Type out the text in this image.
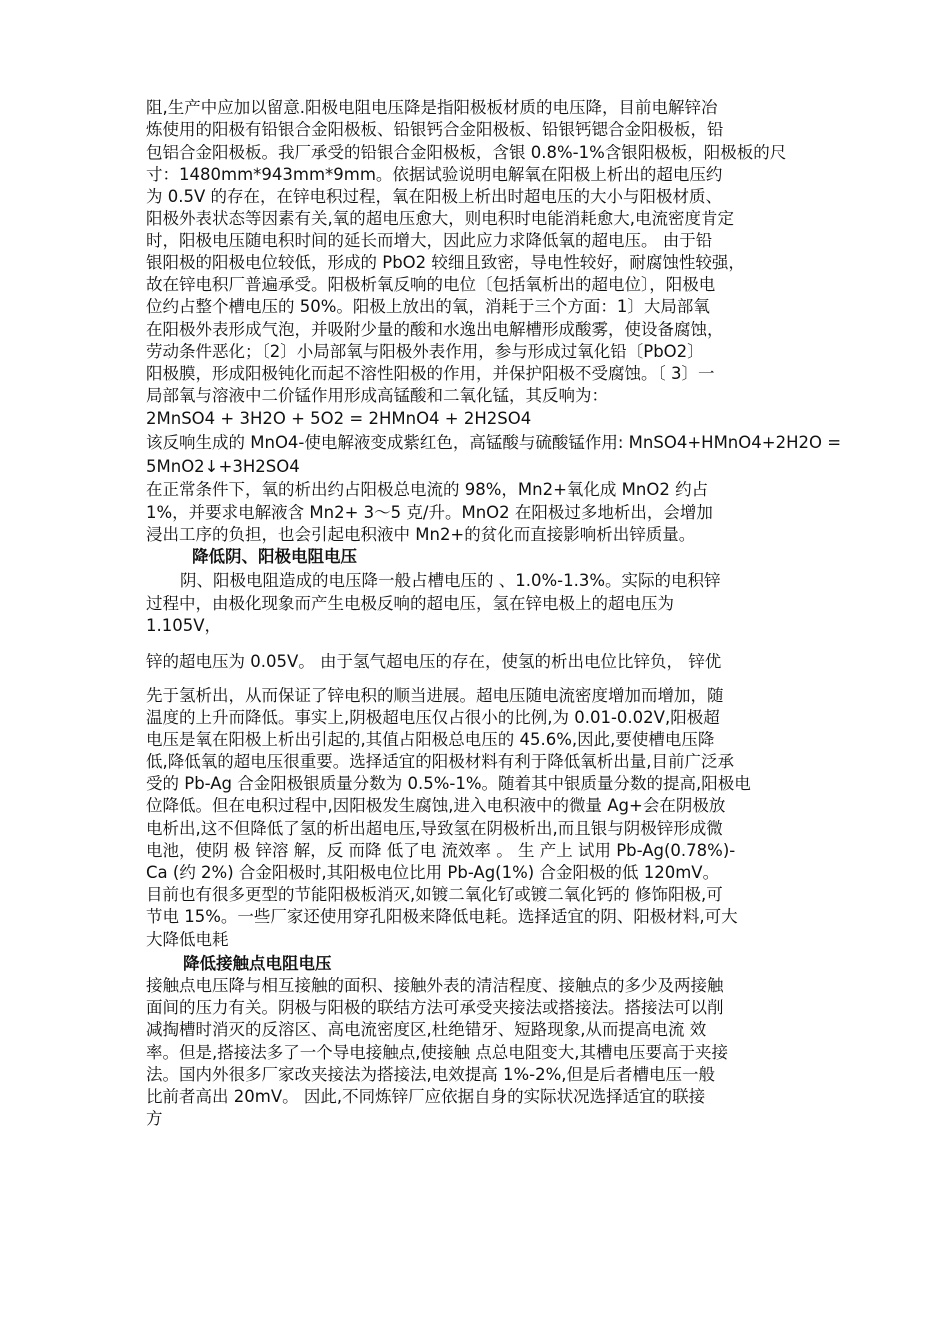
阻,生产中应加以留意.阳极电阻电压降是指阳极板材质的电压降，目前电解锌冶

炼使用的阳极有铅银合金阳极板、铅银钙合金阳极板、铅银钙锶合金阳极板，铅

包铝合金阳极板。我厂承受的铅银合金阳极板，含银 0.8%-1%含银阳极板，阳极板的尺

寸：1480mm*943mm*9mm。依据试验说明电解氧在阳极上析出的超电压约

为 0.5V 的存在，在锌电积过程，氧在阳极上析出时超电压的大小与阳极材质、

阳极外表状态等因素有关,氧的超电压愈大，则电积时电能消耗愈大,电流密度肯定

时，阳极电压随电积时间的延长而增大，因此应力求降低氧的超电压。 由于铅

银阳极的阳极电位较低，形成的 PbO2 较细且致密，导电性较好，耐腐蚀性较强，

故在锌电积厂普遍承受。阳极析氧反响的电位〔包括氧析出的超电位〕，阳极电

位约占整个槽电压的 50%。阳极上放出的氧，消耗于三个方面：1〕大局部氧

在阳极外表形成气泡，并吸附少量的酸和水逸出电解槽形成酸雾，使设备腐蚀，

劳动条件恶化；〔2〕小局部氧与阳极外表作用，参与形成过氧化铅〔PbO2〕

阳极膜，形成阳极钝化而起不溶性阳极的作用，并保护阳极不受腐蚀。〔 3〕一

局部氧与溶液中二价锰作用形成高锰酸和二氧化锰，其反响为：

2MnSO4 + 3H2O + 5O2 = 2HMnO4 + 2H2SO4

该反响生成的 MnO4-使电解液变成紫红色，高锰酸与硫酸锰作用: MnSO4+HMnO4+2H2O =

5MnO2↓+3H2SO4

在正常条件下，氧的析出约占阳极总电流的 98%，Mn2+氧化成 MnO2 约占

1%，并要求电解液含 Mn2+ 3～5 克/升。MnO2 在阳极过多地析出，会增加

浸出工序的负担，也会引起电积液中 Mn2+的贫化而直接影响析出锌质量。

降低阴、阳极电阻电压

阴、阳极电阻造成的电压降一般占槽电压的 、1.0%-1.3%。实际的电积锌

过程中，由极化现象而产生电极反响的超电压，氢在锌电极上的超电压为

1.105V，

锌的超电压为 0.05V。 由于氢气超电压的存在，使氢的析出电位比锌负， 锌优

先于氢析出，从而保证了锌电积的顺当进展。超电压随电流密度增加而增加，随

温度的上升而降低。事实上,阴极超电压仅占很小的比例,为 0.01-0.02V,阳极超

电压是氧在阳极上析出引起的,其值占阳极总电压的 45.6%,因此,要使槽电压降

低,降低氧的超电压很重要。选择适宜的阳极材料有利于降低氧析出量,目前广泛承

受的 Pb-Ag 合金阳极银质量分数为 0.5%-1%。随着其中银质量分数的提高,阳极电

位降低。但在电积过程中,因阳极发生腐蚀,进入电积液中的微量 Ag+会在阴极放

电析出,这不但降低了氢的析出超电压,导致氢在阴极析出,而且银与阴极锌形成微

电池，使阴 极 锌溶 解，反 而降 低了电 流效率 。 生 产上 试用 Pb-Ag(0.78%)-

Ca (约 2%) 合金阳极时,其阳极电位比用 Pb-Ag(1%) 合金阳极的低 120mV。

目前也有很多更型的节能阳极板消灭,如镀二氧化钌或镀二氧化钙的 修饰阳极,可

节电 15%。一些厂家还使用穿孔阳极来降低电耗。选择适宜的阴、阳极材料,可大

大降低电耗

降低接触点电阻电压

接触点电压降与相互接触的面积、接触外表的清洁程度、接触点的多少及两接触

面间的压力有关。阴极与阳极的联结方法可承受夹接法或搭接法。搭接法可以削

减掏槽时消灭的反溶区、高电流密度区,杜绝错牙、短路现象,从而提高电流 效

率。但是,搭接法多了一个导电接触点,使接触 点总电阻变大,其槽电压要高于夹接

法。国内外很多厂家改夹接法为搭接法,电效提高 1%-2%,但是后者槽电压一般

比前者高出 20mV。 因此,不同炼锌厂应依据自身的实际状况选择适宜的联接

方
